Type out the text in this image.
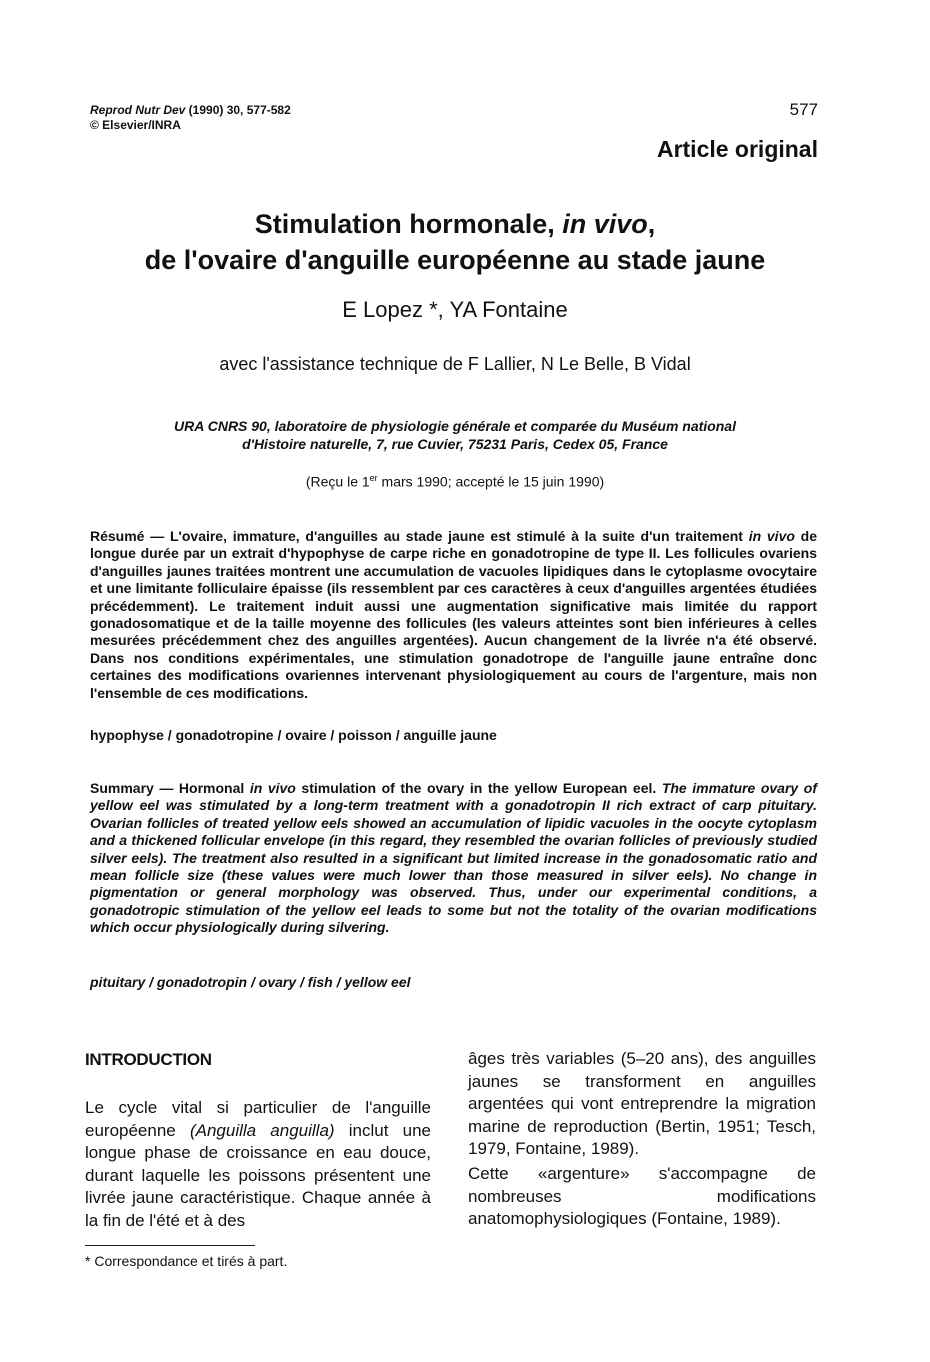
Reprod Nutr Dev (1990) 30, 577-582
© Elsevier/INRA
577
Article original
Stimulation hormonale, in vivo,
de l'ovaire d'anguille européenne au stade jaune
E Lopez *, YA Fontaine
avec l'assistance technique de F Lallier, N Le Belle, B Vidal
URA CNRS 90, laboratoire de physiologie générale et comparée du Muséum national
d'Histoire naturelle, 7, rue Cuvier, 75231 Paris, Cedex 05, France
(Reçu le 1er mars 1990; accepté le 15 juin 1990)
Résumé — L'ovaire, immature, d'anguilles au stade jaune est stimulé à la suite d'un traitement in vivo de longue durée par un extrait d'hypophyse de carpe riche en gonadotropine de type II. Les follicules ovariens d'anguilles jaunes traitées montrent une accumulation de vacuoles lipidiques dans le cytoplasme ovocytaire et une limitante folliculaire épaisse (ils ressemblent par ces caractères à ceux d'anguilles argentées étudiées précédemment). Le traitement induit aussi une augmentation significative mais limitée du rapport gonadosomatique et de la taille moyenne des follicules (les valeurs atteintes sont bien inférieures à celles mesurées précédemment chez des anguilles argentées). Aucun changement de la livrée n'a été observé. Dans nos conditions expérimentales, une stimulation gonadotrope de l'anguille jaune entraîne donc certaines des modifications ovariennes intervenant physiologiquement au cours de l'argenture, mais non l'ensemble de ces modifications.
hypophyse / gonadotropine / ovaire / poisson / anguille jaune
Summary — Hormonal in vivo stimulation of the ovary in the yellow European eel. The immature ovary of yellow eel was stimulated by a long-term treatment with a gonadotropin II rich extract of carp pituitary. Ovarian follicles of treated yellow eels showed an accumulation of lipidic vacuoles in the oocyte cytoplasm and a thickened follicular envelope (in this regard, they resembled the ovarian follicles of previously studied silver eels). The treatment also resulted in a significant but limited increase in the gonadosomatic ratio and mean follicle size (these values were much lower than those measured in silver eels). No change in pigmentation or general morphology was observed. Thus, under our experimental conditions, a gonadotropic stimulation of the yellow eel leads to some but not the totality of the ovarian modifications which occur physiologically during silvering.
pituitary / gonadotropin / ovary / fish / yellow eel
INTRODUCTION
Le cycle vital si particulier de l'anguille européenne (Anguilla anguilla) inclut une longue phase de croissance en eau douce, durant laquelle les poissons présentent une livrée jaune caractéristique. Chaque année à la fin de l'été et à des

âges très variables (5–20 ans), des anguilles jaunes se transforment en anguilles argentées qui vont entreprendre la migration marine de reproduction (Bertin, 1951; Tesch, 1979, Fontaine, 1989).

Cette «argenture» s'accompagne de nombreuses modifications anatomophysiologiques (Fontaine, 1989).

* Correspondance et tirés à part.
